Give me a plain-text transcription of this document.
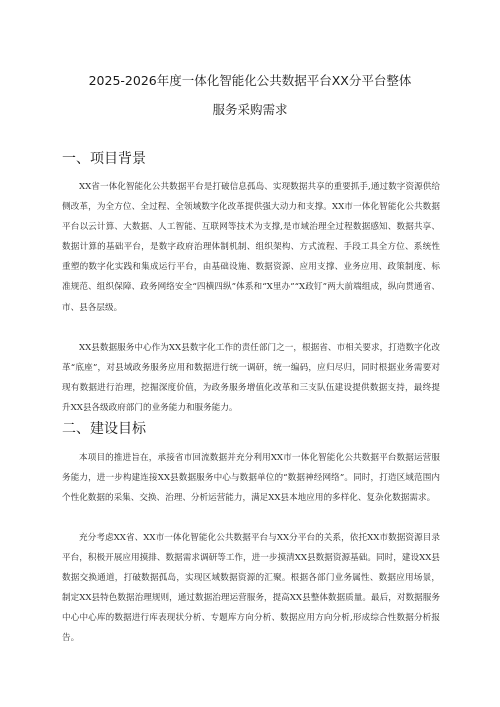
2025-2026年度一体化智能化公共数据平台XX分平台整体
服务采购需求
一、项目背景

XX省一体化智能化公共数据平台是打破信息孤岛、实现数据共享的重要抓手,通过数字资源供给侧改革，为全方位、全过程、全领域数字化改革提供强大动力和支撑。XX市一体化智能化公共数据平台以云计算、大数据、人工智能、互联网等技术为支撑,是市域治理全过程数据感知、数据共享、数据计算的基础平台，是数字政府治理体制机制、组织架构、方式流程、手段工具全方位、系统性重塑的数字化实践和集成运行平台，由基础设施、数据资源、应用支撑、业务应用、政策制度、标准规范、组织保障、政务网络安全“四横四纵”体系和“X里办”“X政钉”两大前端组成，纵向贯通省、市、县各层级。

XX县数据服务中心作为XX县数字化工作的责任部门之一，根据省、市相关要求，打造数字化改革“底座”，对县域政务服务应用和数据进行统一调研，统一编码，应归尽归，同时根据业务需要对现有数据进行治理，挖掘深度价值，为政务服务增值化改革和三支队伍建设提供数据支持，最终提升XX县各级政府部门的业务能力和服务能力。

二、建设目标

本项目的推进旨在，承接省市回流数据并充分利用XX市一体化智能化公共数据平台数据运营服务能力，进一步构建连接XX县数据服务中心与数据单位的“数据神经网络”。同时，打造区域范围内个性化数据的采集、交换、治理、分析运营能力，满足XX县本地应用的多样化、复杂化数据需求。

充分考虑XX省、XX市一体化智能化公共数据平台与XX分平台的关系，依托XX市数据资源目录平台，积极开展应用摸排、数据需求调研等工作，进一步摸清XX县数据资源基础。同时，建设XX县数据交换通道，打破数据孤岛，实现区域数据资源的汇聚。根据各部门业务属性、数据应用场景，制定XX县特色数据治理规则，通过数据治理运营服务，提高XX县整体数据质量。最后，对数据服务中心中心库的数据进行库表现状分析、专题库方向分析、数据应用方向分析,形成综合性数据分析报告。
